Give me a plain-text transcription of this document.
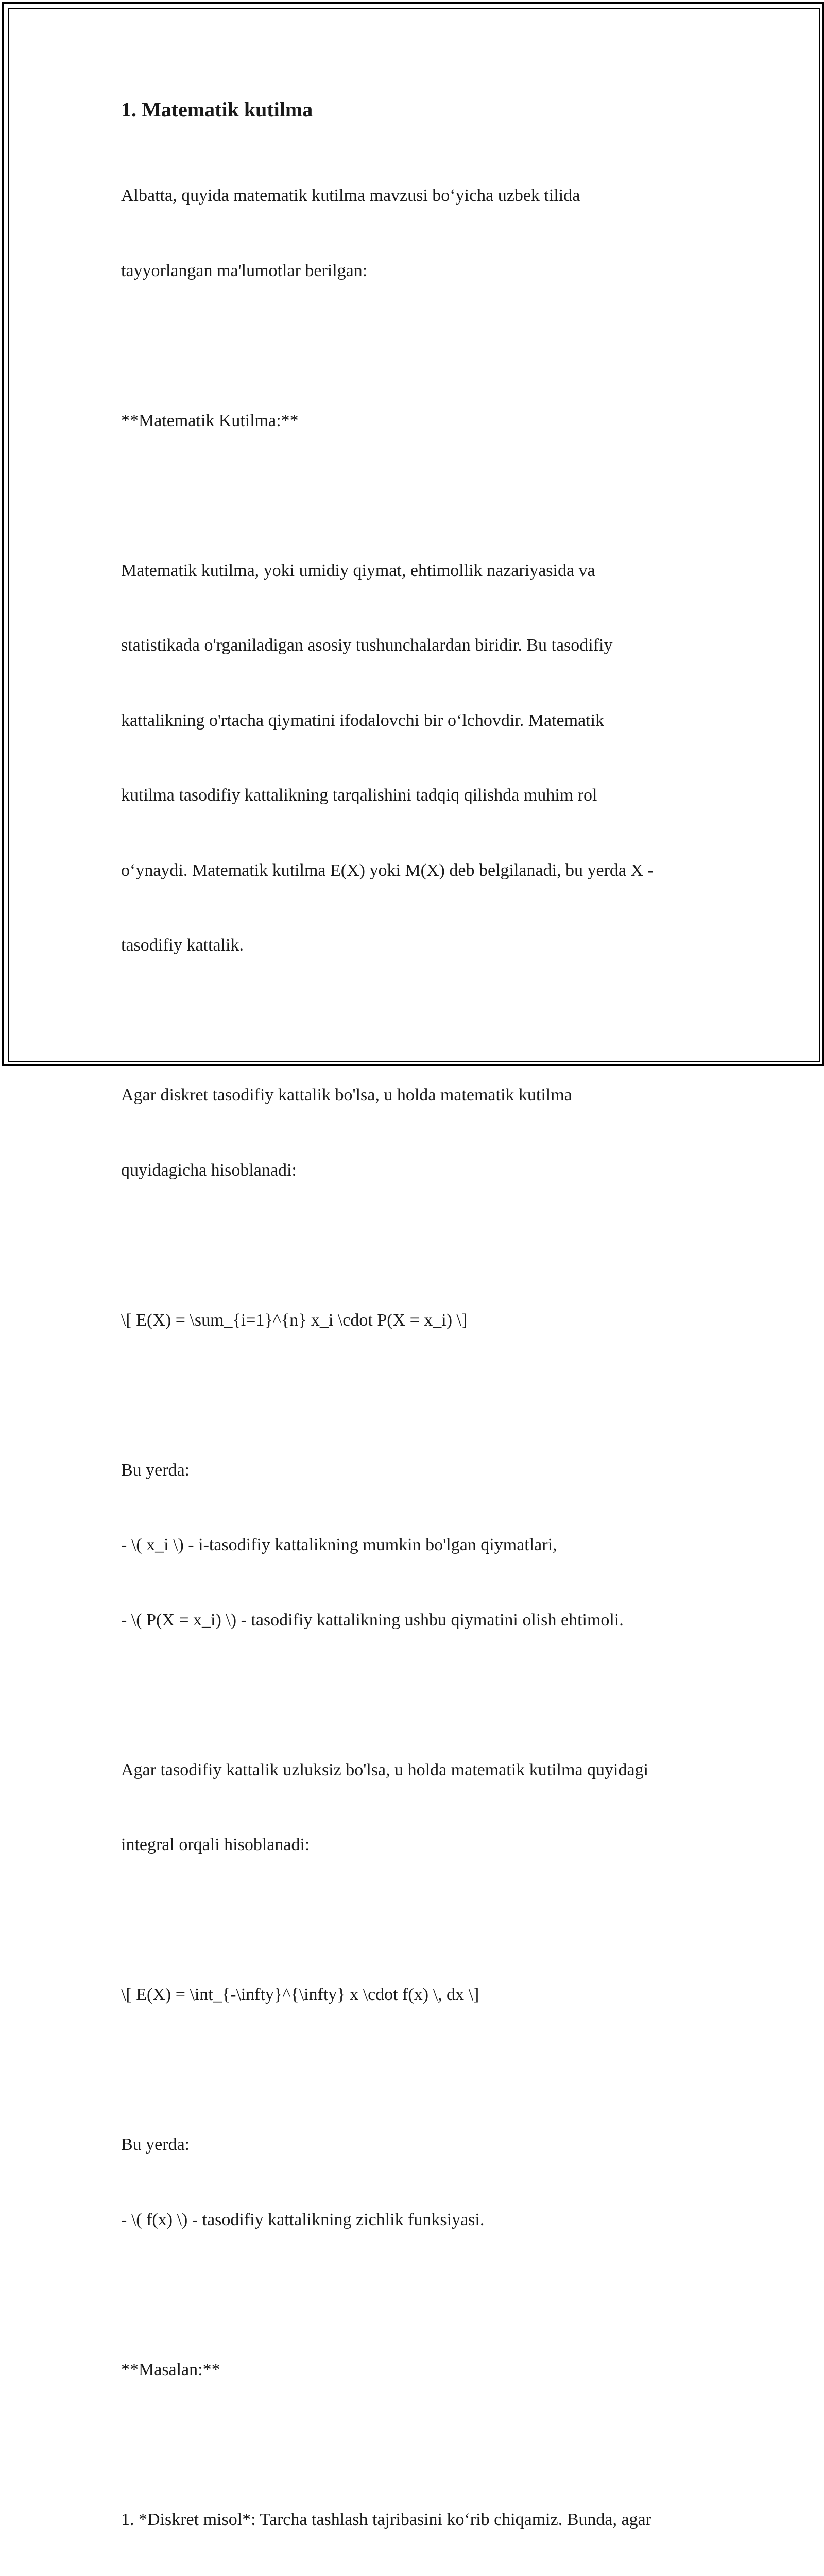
1. Matematik kutilma

Albatta, quyida matematik kutilma mavzusi bo‘yicha uzbek tilida

tayyorlangan ma'lumotlar berilgan:

**Matematik Kutilma:**

Matematik kutilma, yoki umidiy qiymat, ehtimollik nazariyasida va

statistikada o'rganiladigan asosiy tushunchalardan biridir. Bu tasodifiy

kattalikning o'rtacha qiymatini ifodalovchi bir o‘lchovdir. Matematik

kutilma tasodifiy kattalikning tarqalishini tadqiq qilishda muhim rol

o‘ynaydi. Matematik kutilma E(X) yoki M(X) deb belgilanadi, bu yerda X -

tasodifiy kattalik.

Agar diskret tasodifiy kattalik bo'lsa, u holda matematik kutilma

quyidagicha hisoblanadi:

\[ E(X) = \sum_{i=1}^{n} x_i \cdot P(X = x_i) \]

Bu yerda:

- \( x_i \) - i-tasodifiy kattalikning mumkin bo'lgan qiymatlari,

- \( P(X = x_i) \) - tasodifiy kattalikning ushbu qiymatini olish ehtimoli.

Agar tasodifiy kattalik uzluksiz bo'lsa, u holda matematik kutilma quyidagi

integral orqali hisoblanadi:

\[ E(X) = \int_{-\infty}^{\infty} x \cdot f(x) \, dx \]

Bu yerda:

- \( f(x) \) - tasodifiy kattalikning zichlik funksiyasi.

**Masalan:**

1. *Diskret misol*: Tarcha tashlash tajribasini ko‘rib chiqamiz. Bunda, agar
